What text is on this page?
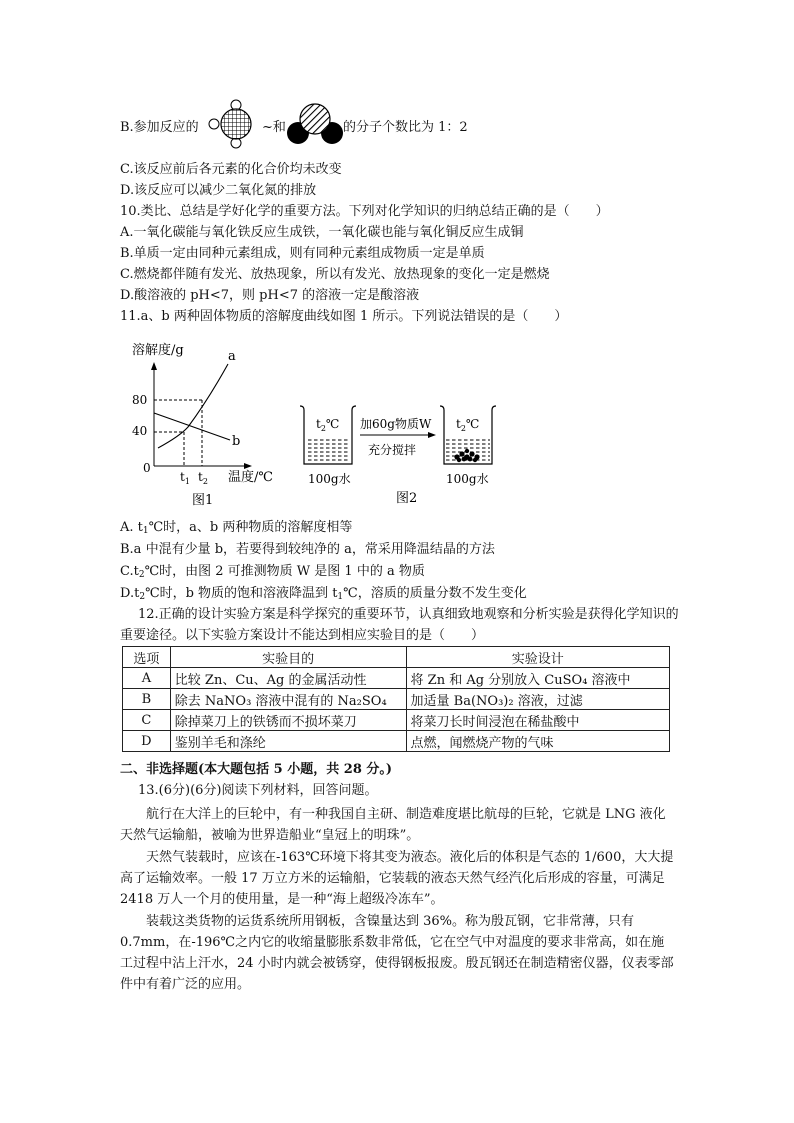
B.参加反应的	~和	的分子个数比为 1：2
C.该反应前后各元素的化合价均未改变
D.该反应可以减少二氧化氮的排放
10.类比、总结是学好化学的重要方法。下列对化学知识的归纳总结正确的是（　　）
A.一氧化碳能与氧化铁反应生成铁，一氧化碳也能与氧化铜反应生成铜
B.单质一定由同种元素组成，则有同种元素组成物质一定是单质
C.燃烧都伴随有发光、放热现象，所以有发光、放热现象的变化一定是燃烧
D.酸溶液的 pH<7，则 pH<7 的溶液一定是酸溶液
11.a、b 两种固体物质的溶解度曲线如图 1 所示。下列说法错误的是（　　）
溶解度/g	a
80
40
0
b
$t_1$ $t_2$ 温度/℃
图1
$t_2℃$
100g水
加60g物质W
充分搅拌
$t_2℃$
100g水
图2
A. $t_1℃$时，a、b 两种物质的溶解度相等
B.a 中混有少量 b，若要得到较纯净的 a，常采用降温结晶的方法
$C.t_2℃$时，由图 2 可推测物质 W 是图 1 中的 a 物质
$D.t_2℃$时，b 物质的饱和溶液降温到 $t_1℃$，溶质的质量分数不发生变化
12.正确的设计实验方案是科学探究的重要环节，认真细致地观察和分析实验是获得化学知识的
重要途径。以下实验方案设计不能达到相应实验目的是（　　）
选项	实验目的	实验设计
A	比较 Zn、Cu、Ag 的金属活动性	将 Zn 和 Ag 分别放入 CuSO₄ 溶液中
B	除去 NaNO₃ 溶液中混有的 Na₂SO₄	加适量 Ba(NO₃)₂ 溶液，过滤
C	除掉菜刀上的铁锈而不损坏菜刀	将菜刀长时间浸泡在稀盐酸中
D	鉴别羊毛和涤纶	点燃，闻燃烧产物的气味
二、非选择题(本大题包括 5 小题，共 28 分。)
13.(6分)(6分)阅读下列材料，回答问题。
航行在大洋上的巨轮中，有一种我国自主研、制造难度堪比航母的巨轮，它就是 LNG 液化天然气运输船，被喻为世界造船业“皇冠上的明珠”。
天然气装载时，应该在-163℃环境下将其变为液态。液化后的体积是气态的 1/600，大大提高了运输效率。一般 17 万立方米的运输船，它装载的液态天然气经汽化后形成的容量，可满足 2418 万人一个月的使用量，是一种“海上超级冷冻车”。
装载这类货物的运货系统所用钢板，含镍量达到 36%。称为殷瓦钢，它非常薄，只有 0.7mm，在-196℃之内它的收缩量膨胀系数非常低，它在空气中对温度的要求非常高，如在施工过程中沾上汗水，24 小时内就会被锈穿，使得钢板报废。殷瓦钢还在制造精密仪器，仪表零部件中有着广泛的应用。
